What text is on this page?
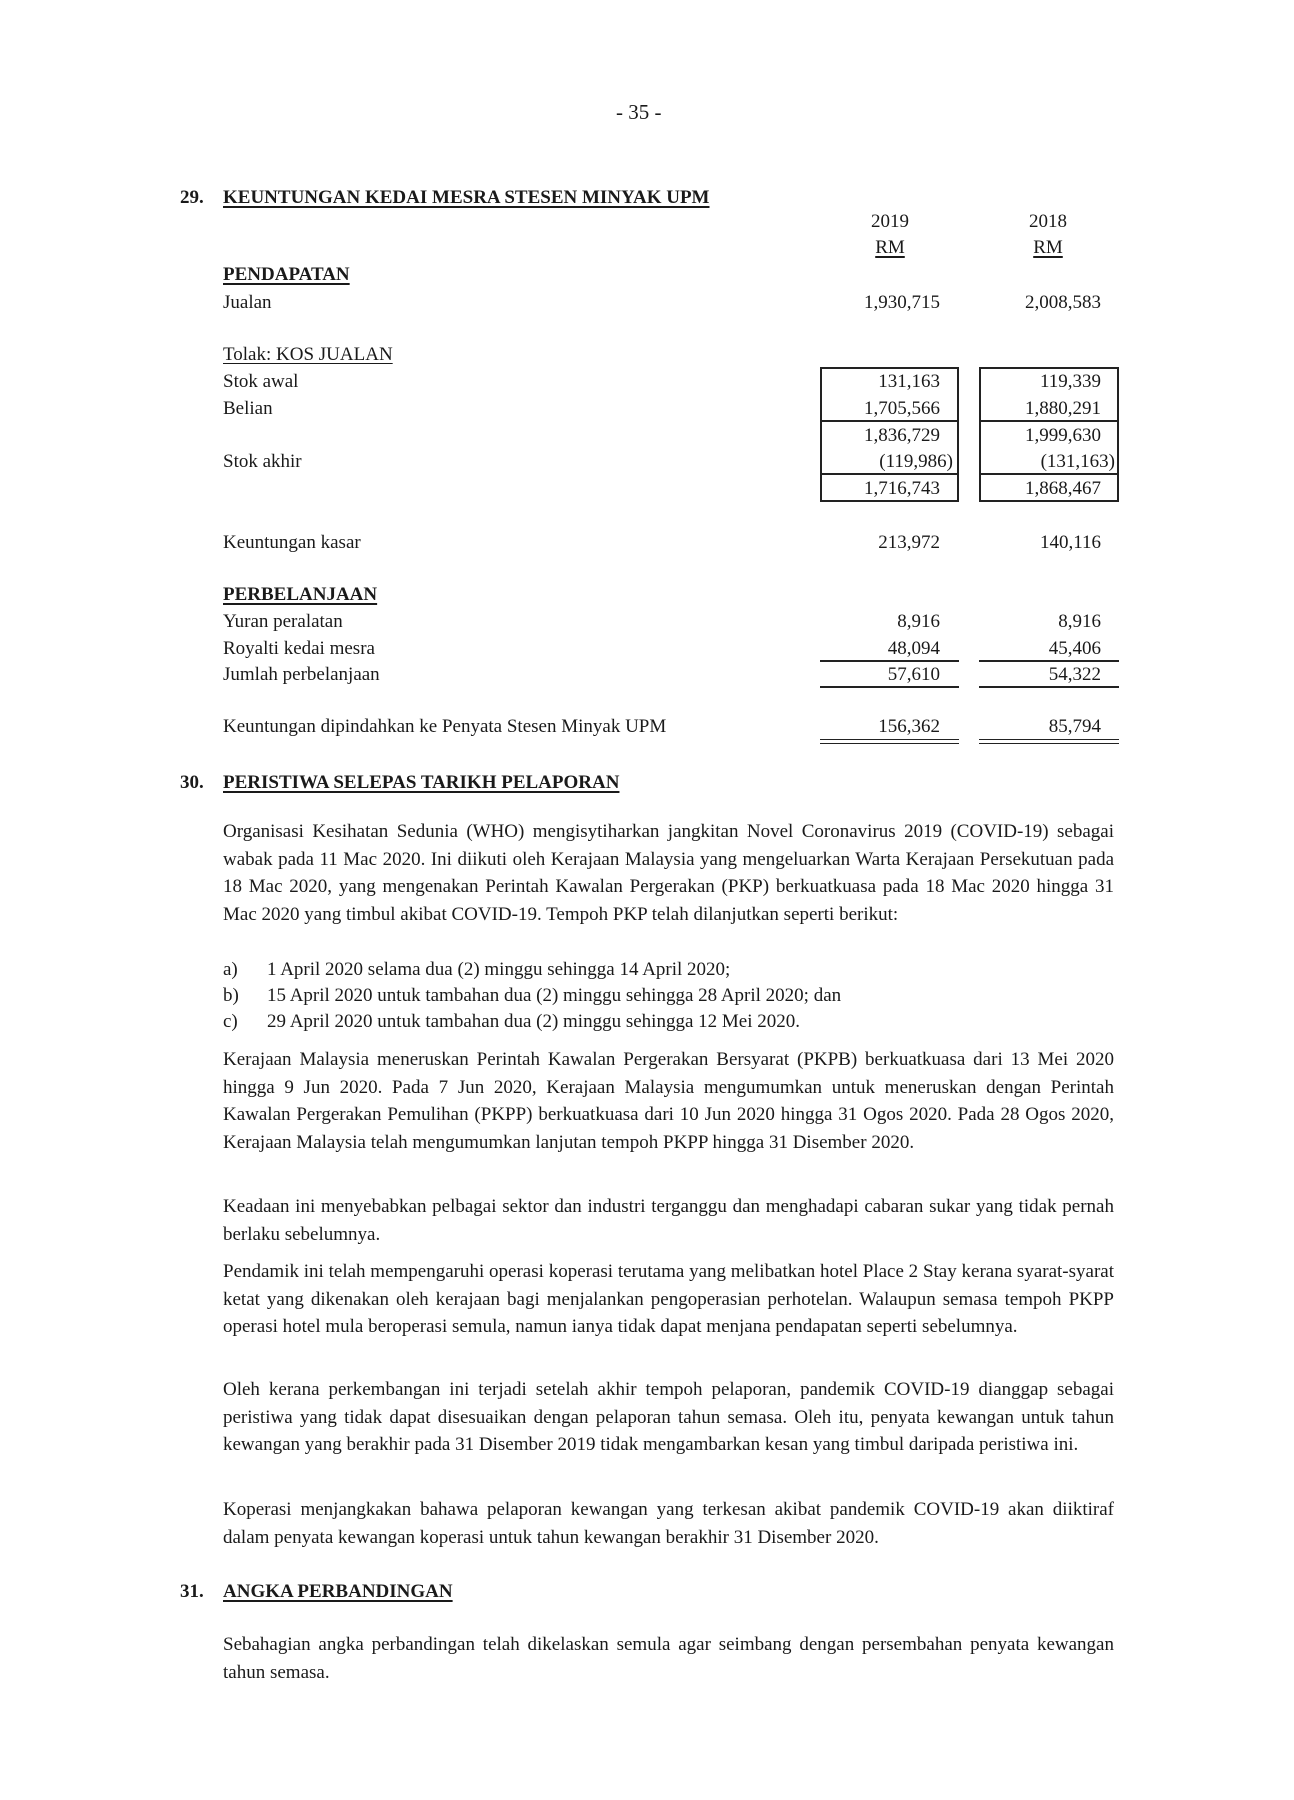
- 35 -
29. KEUNTUNGAN KEDAI MESRA STESEN MINYAK UPM
2019	2018
RM	RM
PENDAPATAN
Jualan	1,930,715	2,008,583
Tolak: KOS JUALAN
Stok awal	131,163	119,339
Belian	1,705,566	1,880,291
1,836,729	1,999,630
Stok akhir	(119,986)	(131,163)
1,716,743	1,868,467
Keuntungan kasar	213,972	140,116
PERBELANJAAN
Yuran peralatan	8,916	8,916
Royalti kedai mesra	48,094	45,406
Jumlah perbelanjaan	57,610	54,322
Keuntungan dipindahkan ke Penyata Stesen Minyak UPM	156,362	85,794
30. PERISTIWA SELEPAS TARIKH PELAPORAN
Organisasi Kesihatan Sedunia (WHO) mengisytiharkan jangkitan Novel Coronavirus 2019 (COVID-19) sebagai wabak pada 11 Mac 2020. Ini diikuti oleh Kerajaan Malaysia yang mengeluarkan Warta Kerajaan Persekutuan pada 18 Mac 2020, yang mengenakan Perintah Kawalan Pergerakan (PKP) berkuatkuasa pada 18 Mac 2020 hingga 31 Mac 2020 yang timbul akibat COVID-19. Tempoh PKP telah dilanjutkan seperti berikut:
a)	1 April 2020 selama dua (2) minggu sehingga 14 April 2020;
b)	15 April 2020 untuk tambahan dua (2) minggu sehingga 28 April 2020; dan
c)	29 April 2020 untuk tambahan dua (2) minggu sehingga 12 Mei 2020.
Kerajaan Malaysia meneruskan Perintah Kawalan Pergerakan Bersyarat (PKPB) berkuatkuasa dari 13 Mei 2020 hingga 9 Jun 2020. Pada 7 Jun 2020, Kerajaan Malaysia mengumumkan untuk meneruskan dengan Perintah Kawalan Pergerakan Pemulihan (PKPP) berkuatkuasa dari 10 Jun 2020 hingga 31 Ogos 2020. Pada 28 Ogos 2020, Kerajaan Malaysia telah mengumumkan lanjutan tempoh PKPP hingga 31 Disember 2020.
Keadaan ini menyebabkan pelbagai sektor dan industri terganggu dan menghadapi cabaran sukar yang tidak pernah berlaku sebelumnya.
Pendamik ini telah mempengaruhi operasi koperasi terutama yang melibatkan hotel Place 2 Stay kerana syarat-syarat ketat yang dikenakan oleh kerajaan bagi menjalankan pengoperasian perhotelan. Walaupun semasa tempoh PKPP operasi hotel mula beroperasi semula, namun ianya tidak dapat menjana pendapatan seperti sebelumnya.
Oleh kerana perkembangan ini terjadi setelah akhir tempoh pelaporan, pandemik COVID-19 dianggap sebagai peristiwa yang tidak dapat disesuaikan dengan pelaporan tahun semasa. Oleh itu, penyata kewangan untuk tahun kewangan yang berakhir pada 31 Disember 2019 tidak mengambarkan kesan yang timbul daripada peristiwa ini.
Koperasi menjangkakan bahawa pelaporan kewangan yang terkesan akibat pandemik COVID-19 akan diiktiraf dalam penyata kewangan koperasi untuk tahun kewangan berakhir 31 Disember 2020.
31. ANGKA PERBANDINGAN
Sebahagian angka perbandingan telah dikelaskan semula agar seimbang dengan persembahan penyata kewangan tahun semasa.
